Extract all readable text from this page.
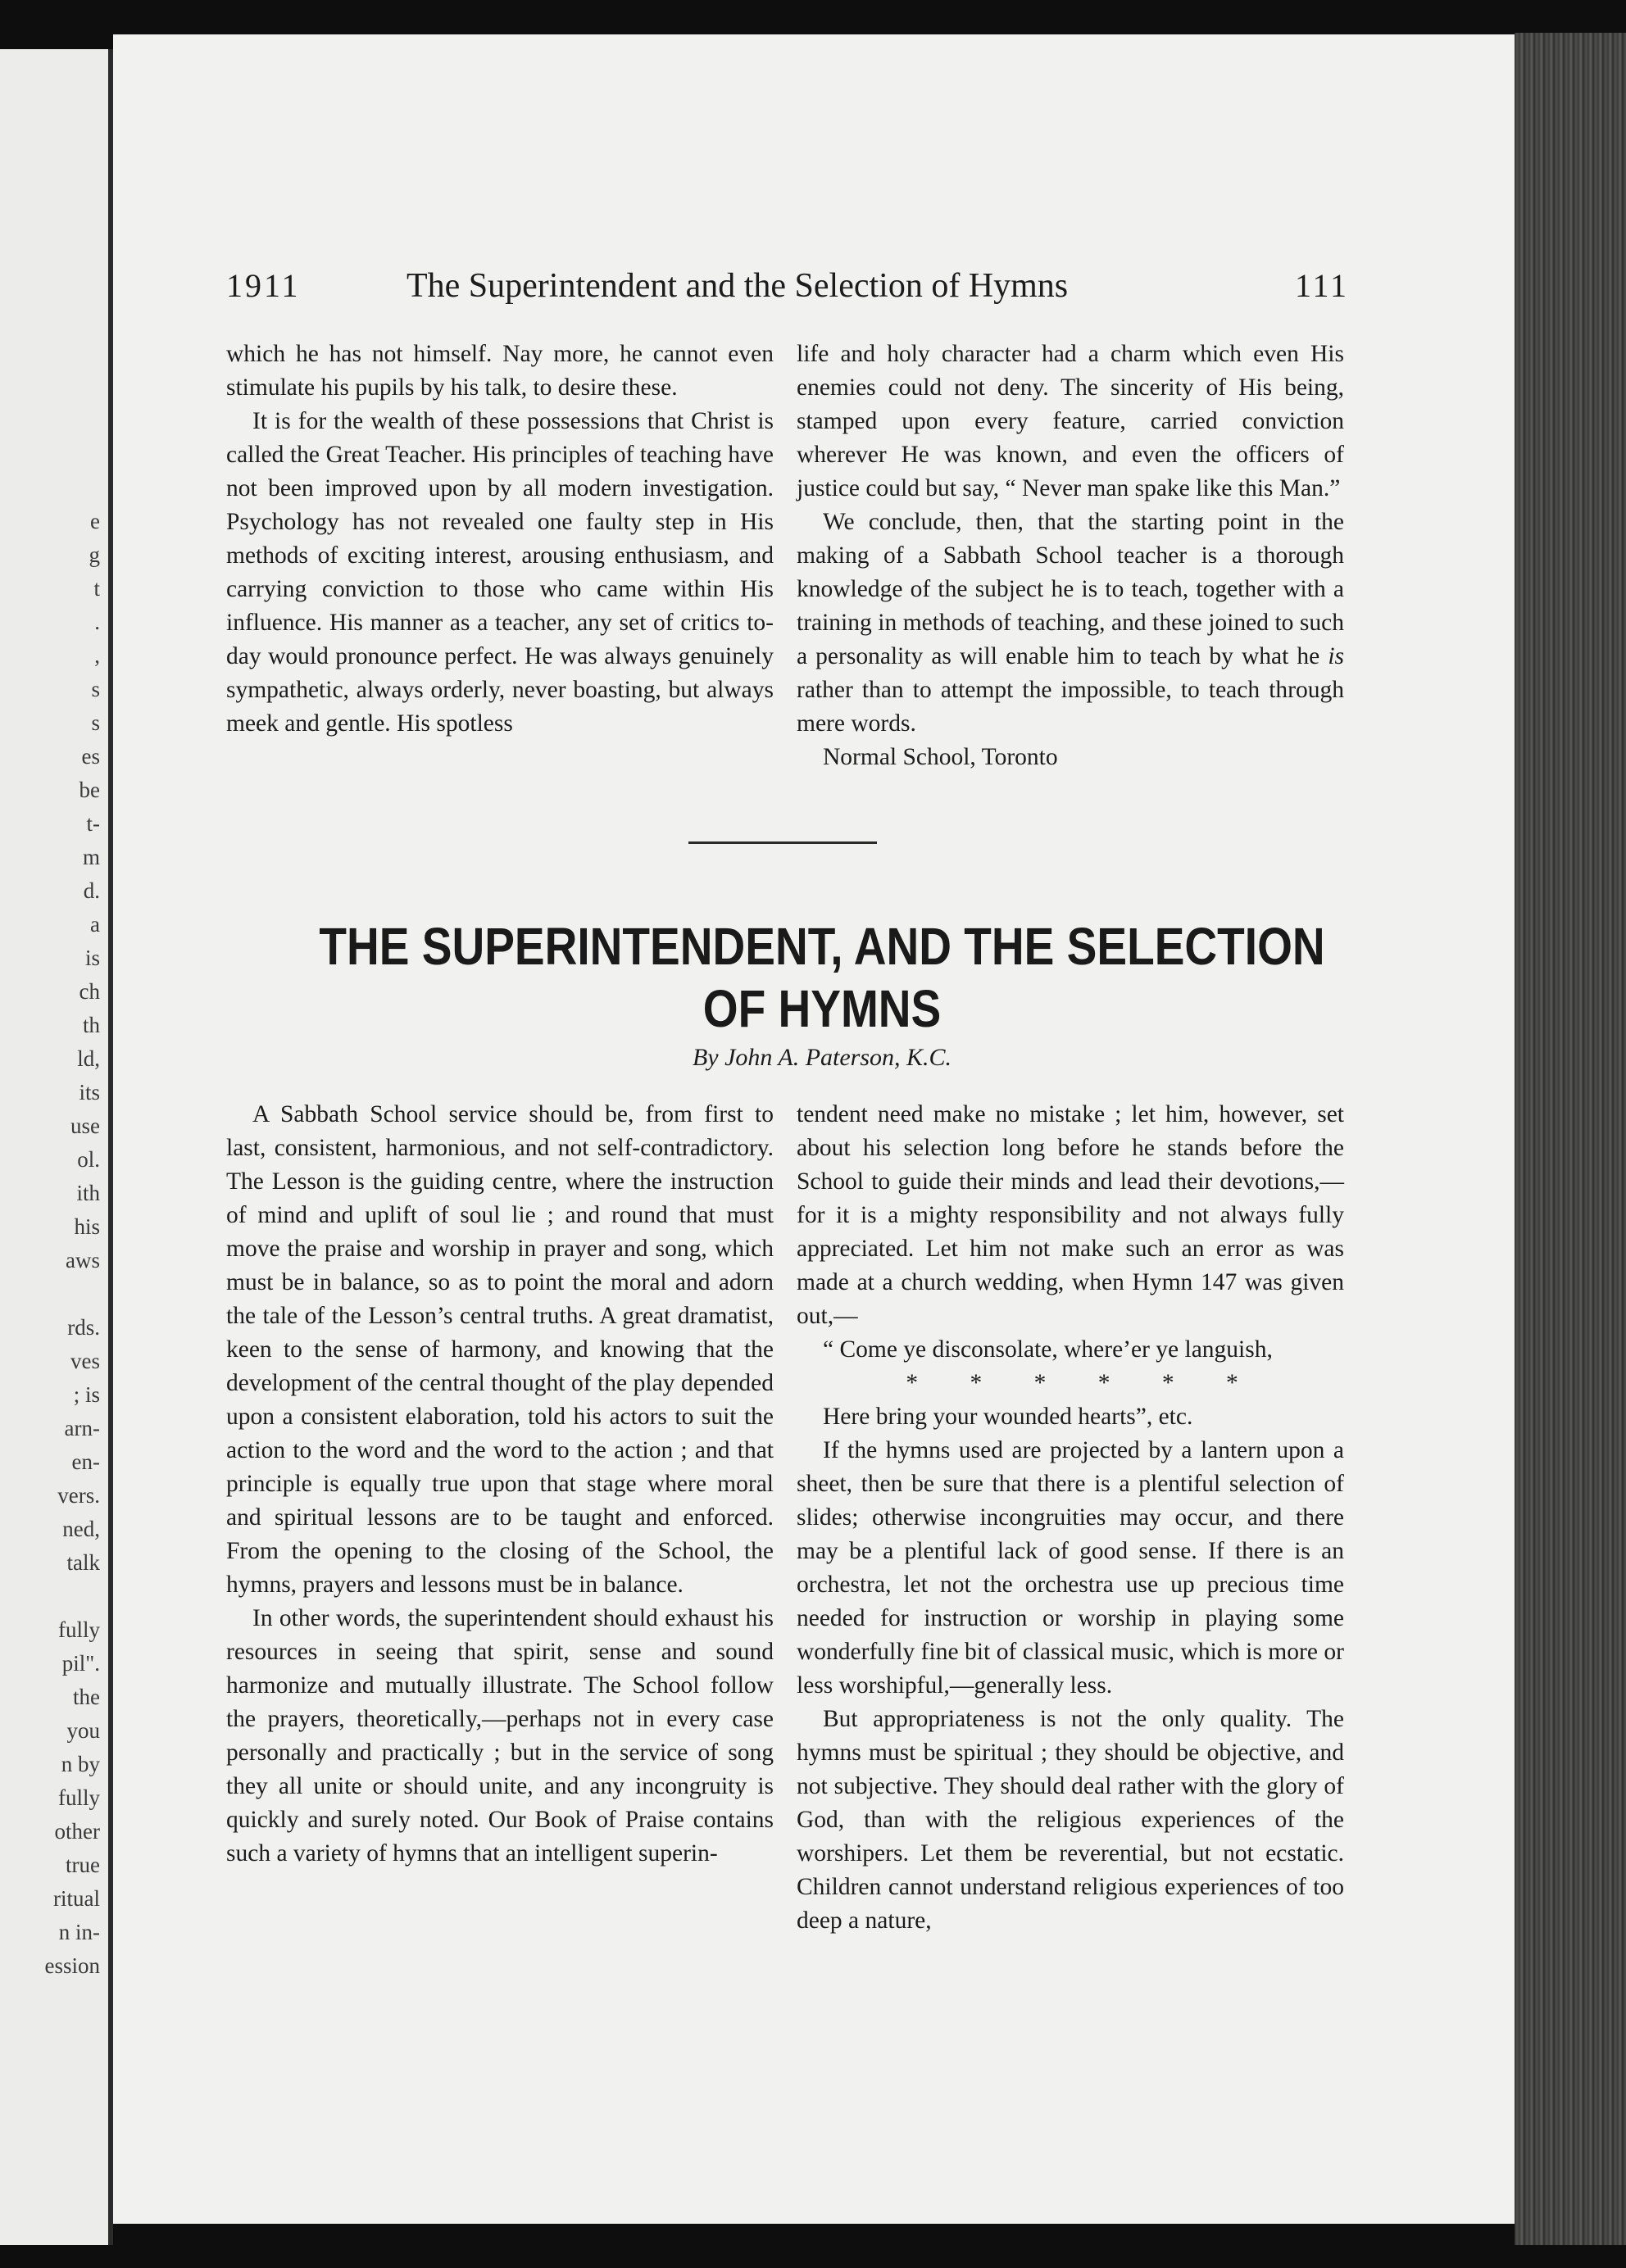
e
g
t
.
,
s
s
es
be
t-
m
d.
a
is
ch
th
ld,
its
use
ol.
ith
his
aws
rds.
ves
; is
arn-
en-
vers.
ned,
talk
fully
pil".
the
you
n by
fully
other
true
ritual
n in-
ession
1911	The Superintendent and the Selection of Hymns	111

which he has not himself. Nay more, he cannot even stimulate his pupils by his talk, to desire these.

It is for the wealth of these possessions that Christ is called the Great Teacher. His principles of teaching have not been improved upon by all modern investigation. Psychology has not revealed one faulty step in His methods of exciting interest, arousing enthusiasm, and carrying conviction to those who came within His influence. His manner as a teacher, any set of critics to-day would pronounce perfect. He was always genuinely sympathetic, always orderly, never boasting, but always meek and gentle. His spotless

life and holy character had a charm which even His enemies could not deny. The sincerity of His being, stamped upon every feature, carried conviction wherever He was known, and even the officers of justice could but say, “ Never man spake like this Man.”

We conclude, then, that the starting point in the making of a Sabbath School teacher is a thorough knowledge of the subject he is to teach, together with a training in methods of teaching, and these joined to such a personality as will enable him to teach by what he is rather than to attempt the impossible, to teach through mere words.

Normal School, Toronto

THE SUPERINTENDENT, AND THE SELECTION
OF HYMNS
By John A. Paterson, K.C.

A Sabbath School service should be, from first to last, consistent, harmonious, and not self-contradictory. The Lesson is the guiding centre, where the instruction of mind and uplift of soul lie ; and round that must move the praise and worship in prayer and song, which must be in balance, so as to point the moral and adorn the tale of the Lesson’s central truths. A great dramatist, keen to the sense of harmony, and knowing that the development of the central thought of the play depended upon a consistent elaboration, told his actors to suit the action to the word and the word to the action ; and that principle is equally true upon that stage where moral and spiritual lessons are to be taught and enforced. From the opening to the closing of the School, the hymns, prayers and lessons must be in balance.

In other words, the superintendent should exhaust his resources in seeing that spirit, sense and sound harmonize and mutually illustrate. The School follow the prayers, theoretically,—perhaps not in every case personally and practically ; but in the service of song they all unite or should unite, and any incongruity is quickly and surely noted. Our Book of Praise contains such a variety of hymns that an intelligent superin-

tendent need make no mistake ; let him, however, set about his selection long before he stands before the School to guide their minds and lead their devotions,—for it is a mighty responsibility and not always fully appreciated. Let him not make such an error as was made at a church wedding, when Hymn 147 was given out,—

“ Come ye disconsolate, where’er ye languish,

* * * * * *

Here bring your wounded hearts”, etc.

If the hymns used are projected by a lantern upon a sheet, then be sure that there is a plentiful selection of slides; otherwise incongruities may occur, and there may be a plentiful lack of good sense. If there is an orchestra, let not the orchestra use up precious time needed for instruction or worship in playing some wonderfully fine bit of classical music, which is more or less worshipful,—generally less.

But appropriateness is not the only quality. The hymns must be spiritual ; they should be objective, and not subjective. They should deal rather with the glory of God, than with the religious experiences of the worshipers. Let them be reverential, but not ecstatic. Children cannot understand religious experiences of too deep a nature,
